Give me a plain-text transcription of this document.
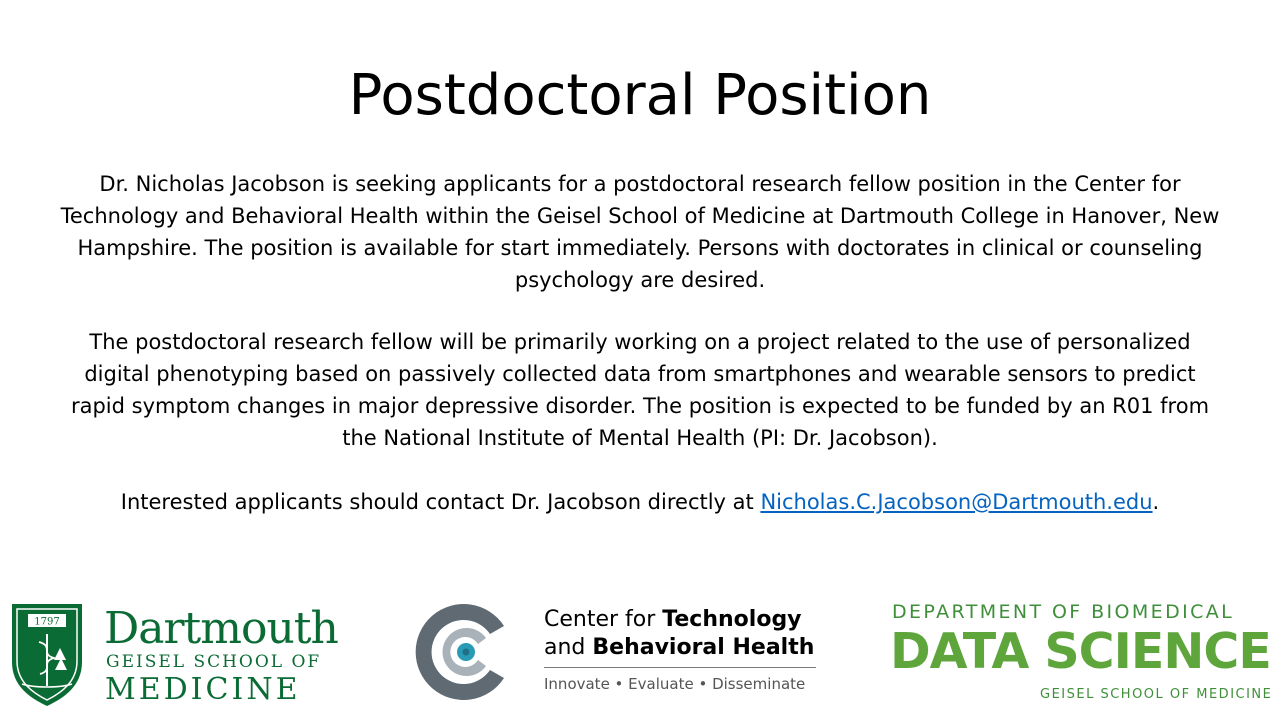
Postdoctoral Position

Dr. Nicholas Jacobson is seeking applicants for a postdoctoral research fellow position in the Center for Technology and Behavioral Health within the Geisel School of Medicine at Dartmouth College in Hanover, New Hampshire. The position is available for start immediately. Persons with doctorates in clinical or counseling psychology are desired.

The postdoctoral research fellow will be primarily working on a project related to the use of personalized digital phenotyping based on passively collected data from smartphones and wearable sensors to predict rapid symptom changes in major depressive disorder. The position is expected to be funded by an R01 from the National Institute of Mental Health (PI: Dr. Jacobson).

Interested applicants should contact Dr. Jacobson directly at Nicholas.C.Jacobson@Dartmouth.edu.

1797 Dartmouth
GEISEL SCHOOL OF
MEDICINE
Center for Technology
and Behavioral Health
Innovate • Evaluate • Disseminate
DEPARTMENT OF BIOMEDICAL
DATA SCIENCE
GEISEL SCHOOL OF MEDICINE
